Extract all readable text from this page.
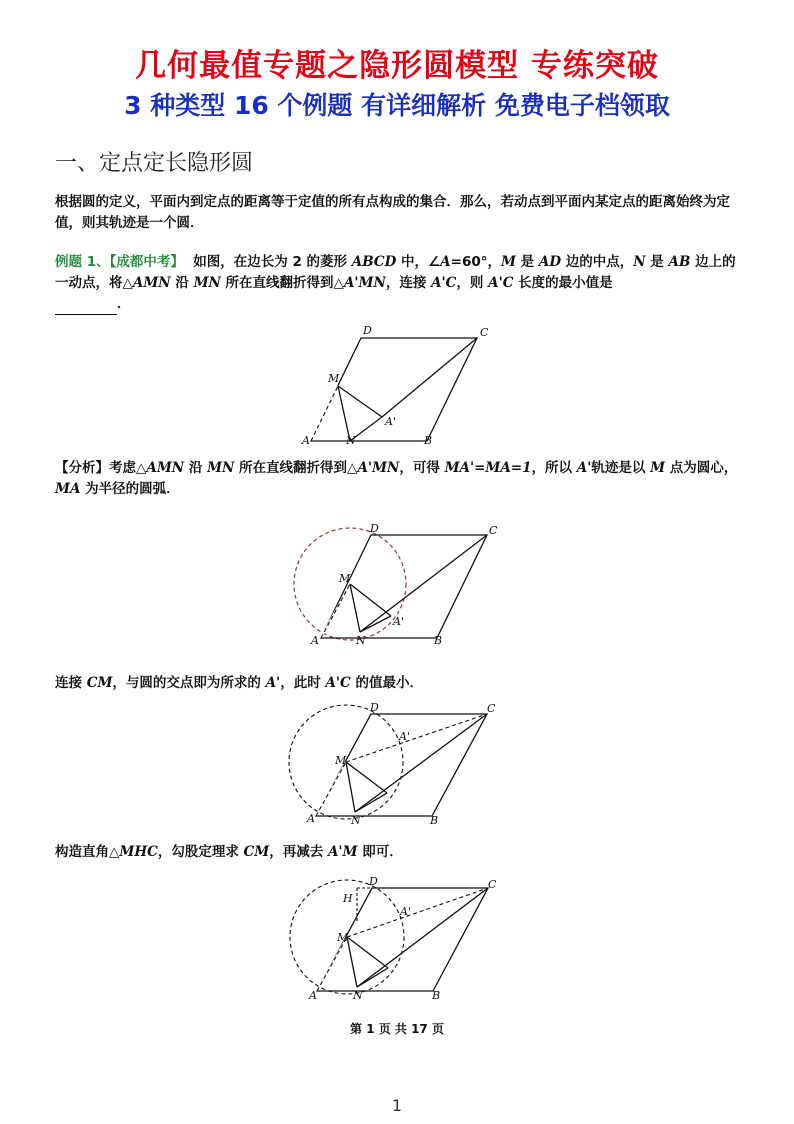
几何最值专题之隐形圆模型 专练突破
3 种类型 16 个例题 有详细解析 免费电子档领取
一、定点定长隐形圆
根据圆的定义，平面内到定点的距离等于定值的所有点构成的集合．那么，若动点到平面内某定点的距离始终为定值，则其轨迹是一个圆．
例题 1、【成都中考】 如图，在边长为 2 的菱形 ABCD 中，∠A=60°，M 是 AD 边的中点，N 是 AB 边上的一动点，将△AMN 沿 MN 所在直线翻折得到△A'MN，连接 A'C，则 A'C 长度的最小值是
．
D	C
M
A'
A	N	B
【分析】考虑△AMN 沿 MN 所在直线翻折得到△A'MN，可得 MA'=MA=1，所以 A'轨迹是以 M 点为圆心，MA 为半径的圆弧．
D	C
M
A'
A	N	B
连接 CM，与圆的交点即为所求的 A'，此时 A'C 的值最小．
D	C
M
A'
A	N	B
构造直角△MHC，勾股定理求 CM，再减去 A'M 即可．
D	C
H
M
A'
A	N	B
第 1 页 共 17 页
1
